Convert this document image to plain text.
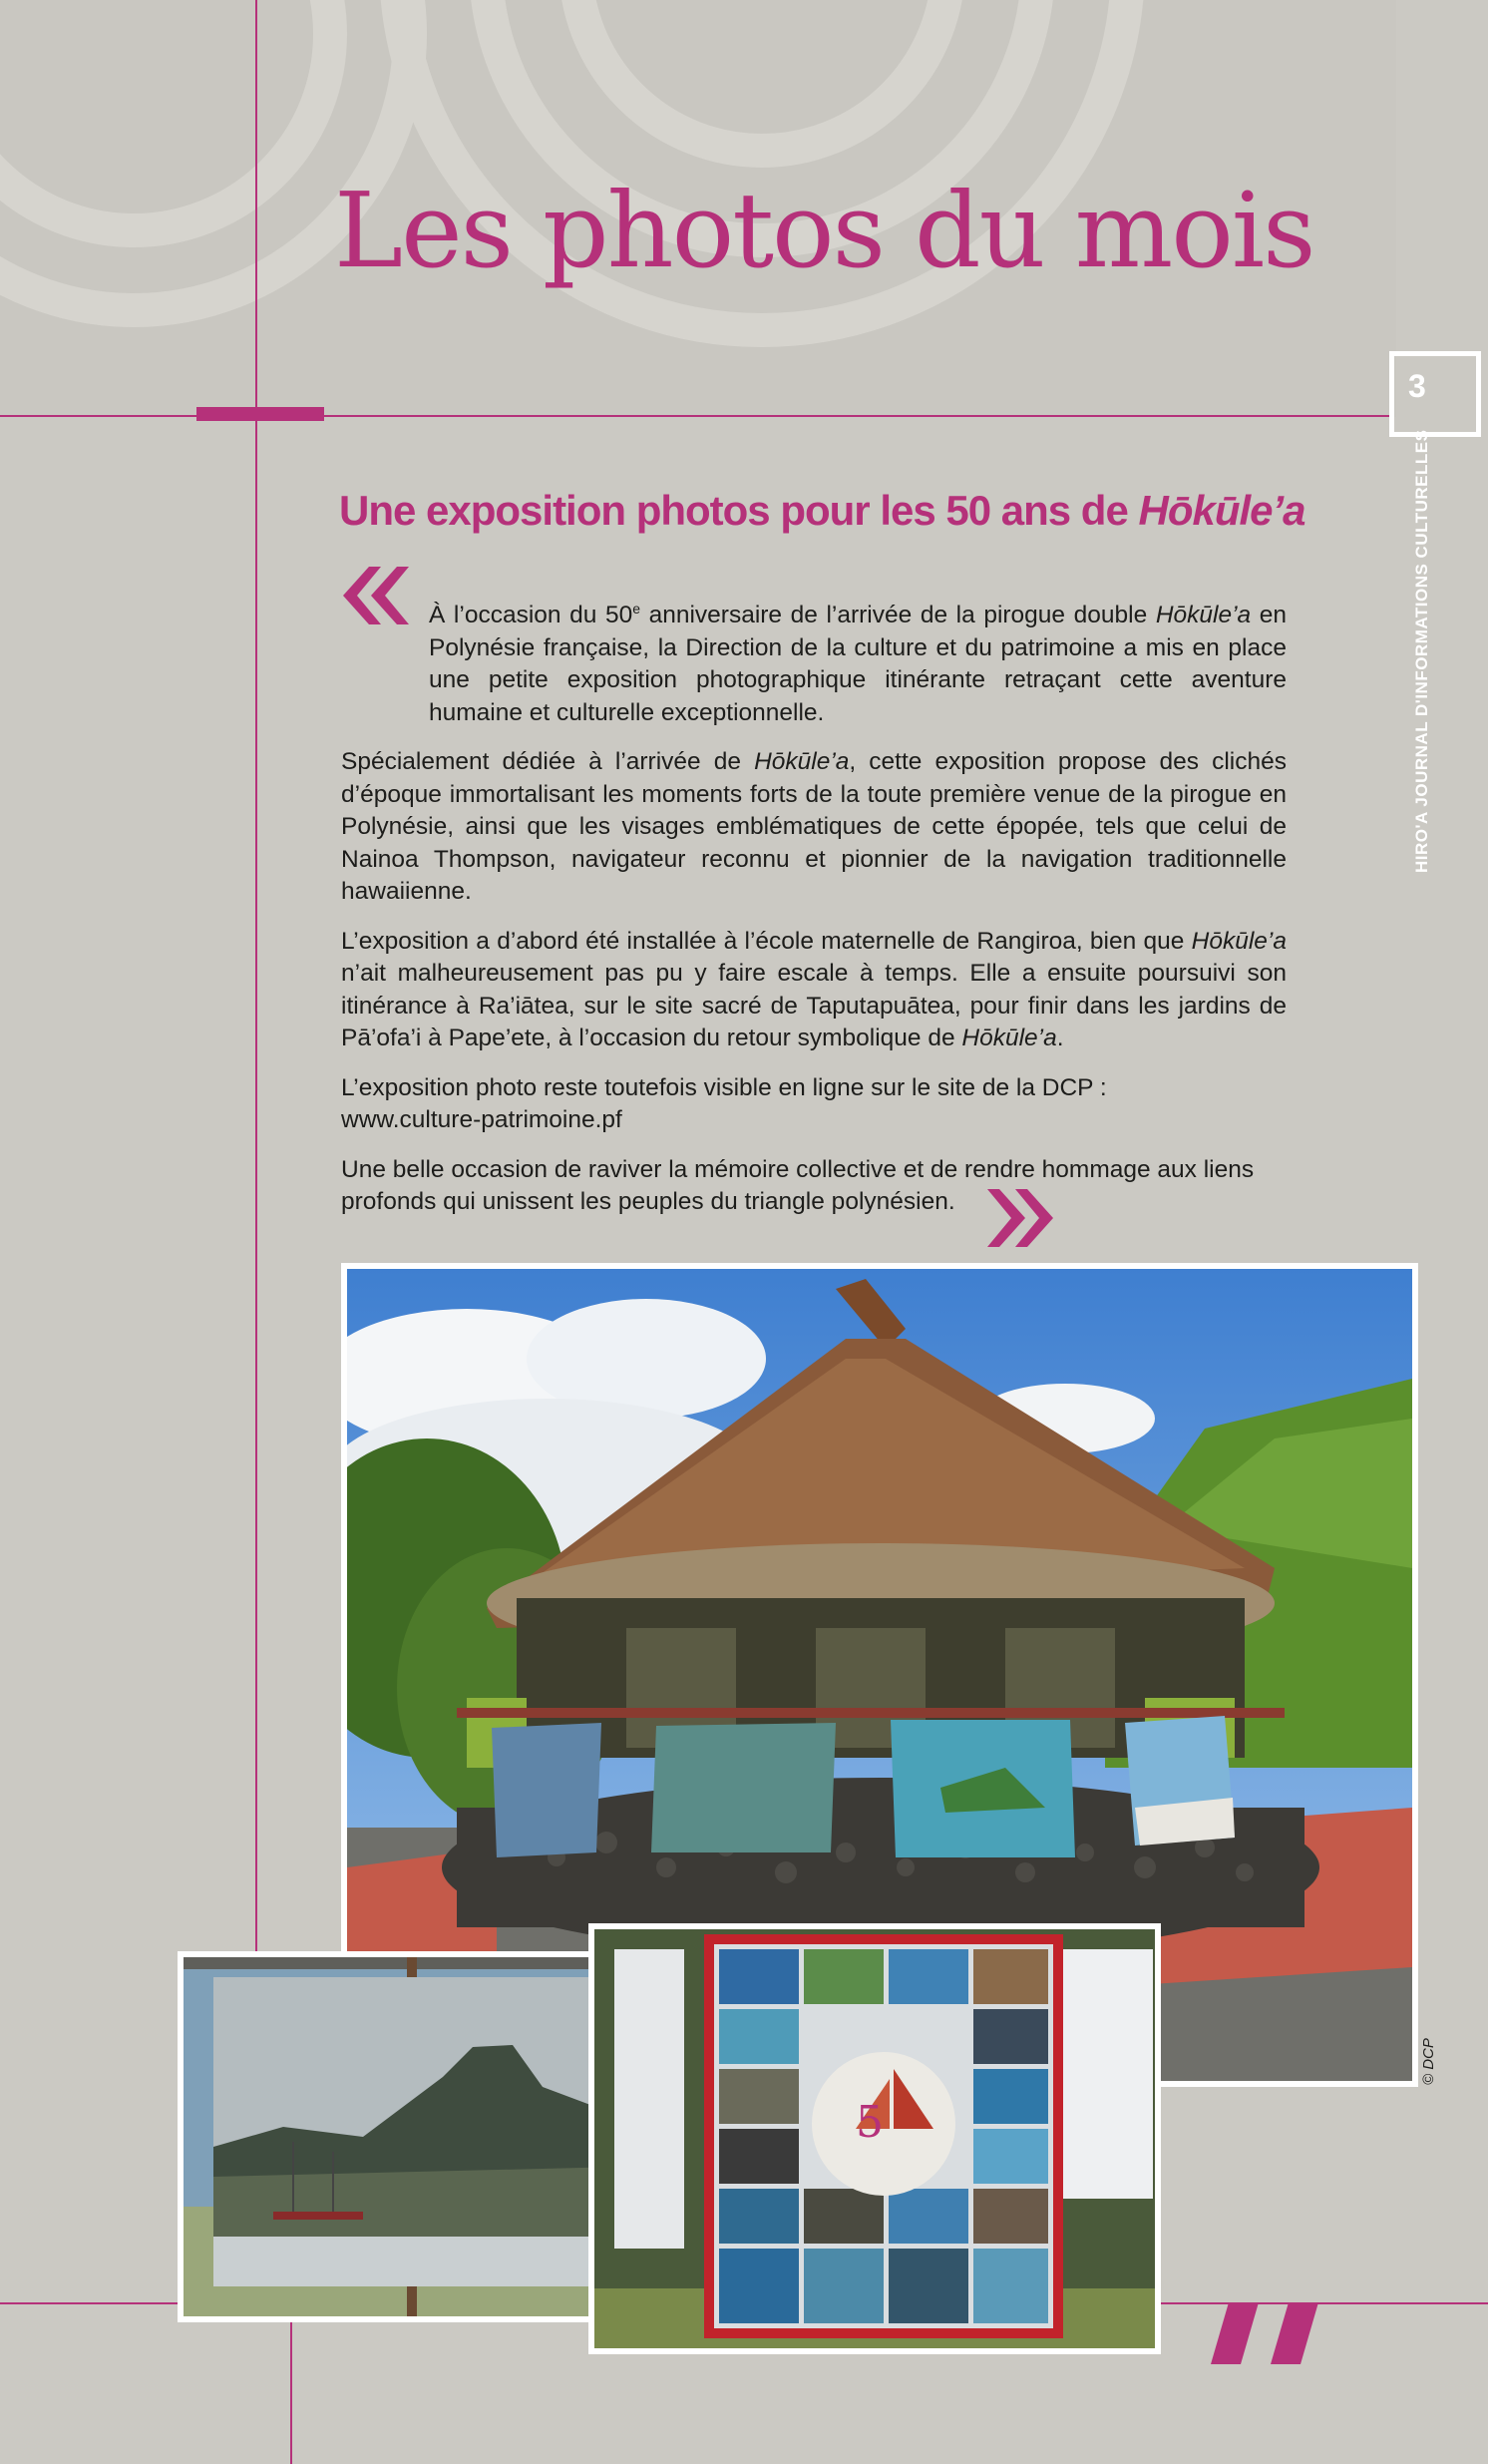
Les photos du mois
3
HIRO'A JOURNAL D'INFORMATIONS CULTURELLES
Une exposition photos pour les 50 ans de Hōkūle’a

À l’occasion du 50e anniversaire de l’arrivée de la pirogue double Hōkūle’a en Polynésie française, la Direction de la culture et du patrimoine a mis en place une petite exposition photographique itinérante retraçant cette aventure humaine et culturelle exceptionnelle.

Spécialement dédiée à l’arrivée de Hōkūle’a, cette exposition propose des clichés d’époque immortalisant les moments forts de la toute première venue de la pirogue en Polynésie, ainsi que les visages emblématiques de cette épopée, tels que celui de Nainoa Thompson, navigateur reconnu et pionnier de la navigation traditionnelle hawaiienne.

L’exposition a d’abord été installée à l’école maternelle de Rangiroa, bien que Hōkūle’a n’ait malheureusement pas pu y faire escale à temps. Elle a ensuite poursuivi son itinérance à Ra’iātea, sur le site sacré de Taputapuātea, pour finir dans les jardins de Pā’ofa’i à Pape’ete, à l’occasion du retour symbolique de Hōkūle’a.

L’exposition photo reste toutefois visible en ligne sur le site de la DCP :
www.culture-patrimoine.pf

Une belle occasion de raviver la mémoire collective et de rendre hommage aux liens
profonds qui unissent les peuples du triangle polynésien.

5
© DCP
